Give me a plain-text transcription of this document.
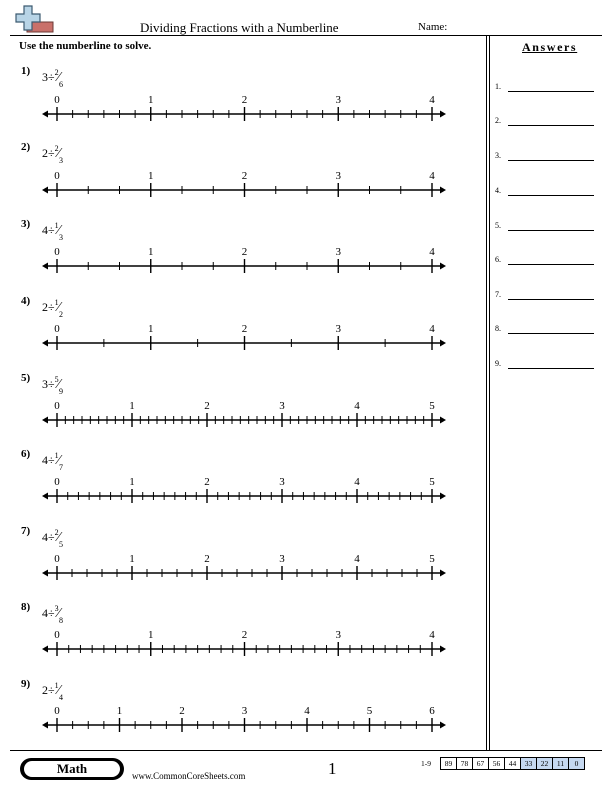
Dividing Fractions with a Numberline	Name:
Use the numberline to solve.	Answers
1.
2.
3.
4.
5.
6.
7.
8.
9.
1) $3\div^2⁄_6$
2) $2\div^2⁄_3$
3) $4\div^1⁄_3$
4) $2\div^1⁄_2$
5) $3\div^5⁄_9$
6) $4\div^1⁄_7$
7) $4\div^2⁄_5$
8) $4\div^3⁄_8$
9) $2\div^1⁄_4$
0	1	2	3	4
0	1	2	3	4
0	1	2	3	4
0	1	2	3	4
0	1	2	3	4	5
0	1	2	3	4	5
0	1	2	3	4	5
0	1	2	3	4
0	1	2	3	4	5	6
Math	www.CommonCoreSheets.com	1	1-9	89	78	67	56	44	33	22	11	0
